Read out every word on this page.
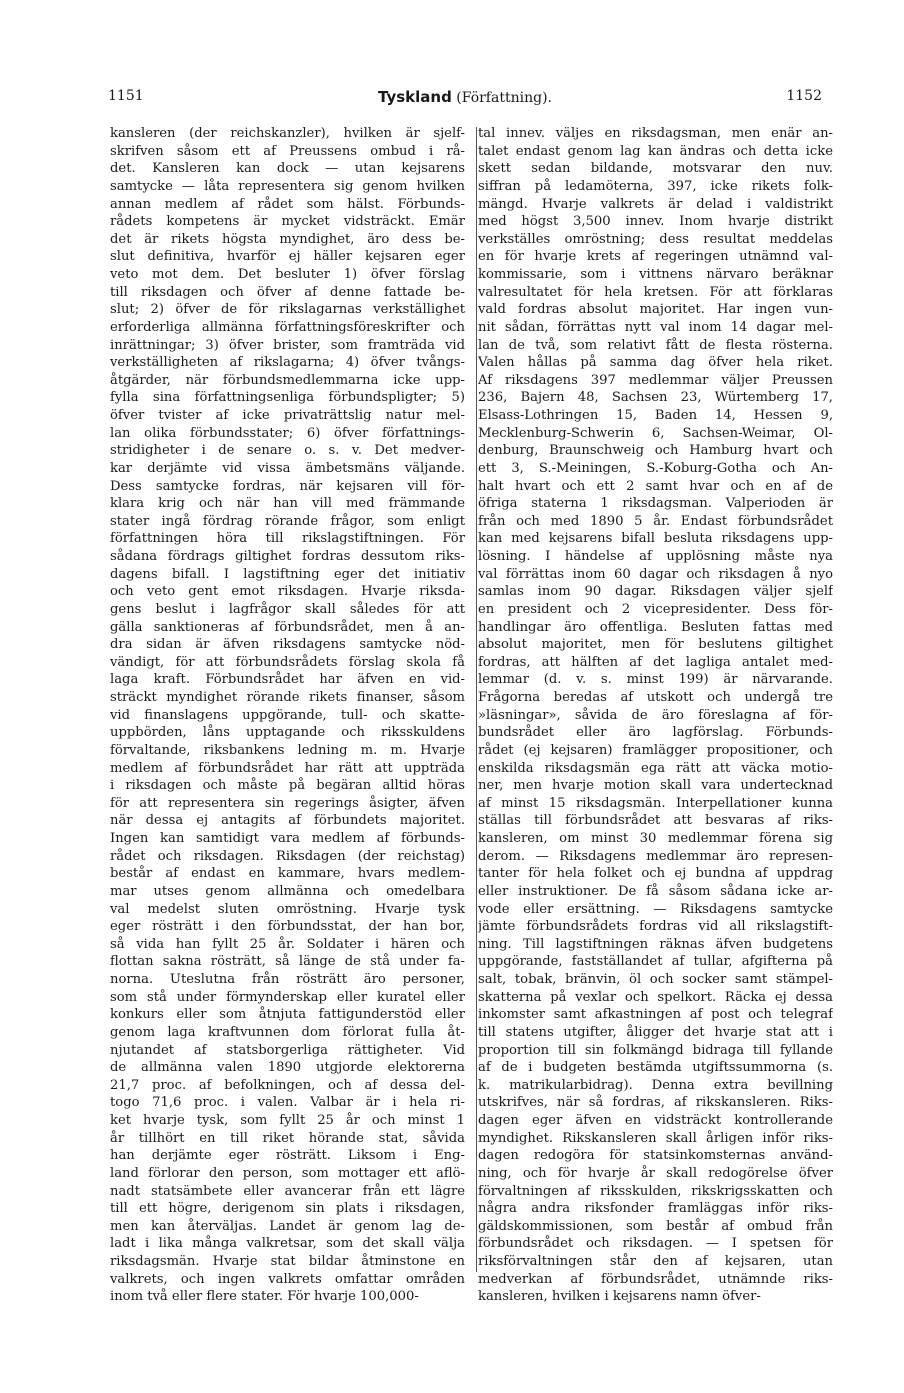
1151	Tyskland (Författning).	1152
kansleren (der reichskanzler), hvilken är sjelf-
skrifven såsom ett af Preussens ombud i rå-
det. Kansleren kan dock — utan kejsarens
samtycke — låta representera sig genom hvilken
annan medlem af rådet som hälst. Förbunds-
rådets kompetens är mycket vidsträckt. Emär
det är rikets högsta myndighet, äro dess be-
slut definitiva, hvarför ej häller kejsaren eger
veto mot dem. Det besluter 1) öfver förslag
till riksdagen och öfver af denne fattade be-
slut; 2) öfver de för rikslagarnas verkställighet
erforderliga allmänna författningsföreskrifter och
inrättningar; 3) öfver brister, som framträda vid
verkställigheten af rikslagarna; 4) öfver tvångs-
åtgärder, när förbundsmedlemmarna icke upp-
fylla sina författningsenliga förbundspligter; 5)
öfver tvister af icke privaträttslig natur mel-
lan olika förbundsstater; 6) öfver författnings-
stridigheter i de senare o. s. v. Det medver-
kar derjämte vid vissa ämbetsmäns väljande.
Dess samtycke fordras, när kejsaren vill för-
klara krig och när han vill med främmande
stater ingå fördrag rörande frågor, som enligt
författningen höra till rikslagstiftningen. För
sådana fördrags giltighet fordras dessutom riks-
dagens bifall. I lagstiftning eger det initiativ
och veto gent emot riksdagen. Hvarje riksda-
gens beslut i lagfrågor skall således för att
gälla sanktioneras af förbundsrådet, men å an-
dra sidan är äfven riksdagens samtycke nöd-
vändigt, för att förbundsrådets förslag skola få
laga kraft. Förbundsrådet har äfven en vid-
sträckt myndighet rörande rikets finanser, såsom
vid finanslagens uppgörande, tull- och skatte-
uppbörden, låns upptagande och riksskuldens
förvaltande, riksbankens ledning m. m. Hvarje
medlem af förbundsrådet har rätt att uppträda
i riksdagen och måste på begäran alltid höras
för att representera sin regerings åsigter, äfven
när dessa ej antagits af förbundets majoritet.
Ingen kan samtidigt vara medlem af förbunds-
rådet och riksdagen. Riksdagen (der reichstag)
består af endast en kammare, hvars medlem-
mar utses genom allmänna och omedelbara
val medelst sluten omröstning. Hvarje tysk
eger rösträtt i den förbundsstat, der han bor,
så vida han fyllt 25 år. Soldater i hären och
flottan sakna rösträtt, så länge de stå under fa-
norna. Uteslutna från rösträtt äro personer,
som stå under förmynderskap eller kuratel eller
konkurs eller som åtnjuta fattigunderstöd eller
genom laga kraftvunnen dom förlorat fulla åt-
njutandet af statsborgerliga rättigheter. Vid
de allmänna valen 1890 utgjorde elektorerna
21,7 proc. af befolkningen, och af dessa del-
togo 71,6 proc. i valen. Valbar är i hela ri-
ket hvarje tysk, som fyllt 25 år och minst 1
år tillhört en till riket hörande stat, såvida
han derjämte eger rösträtt. Liksom i Eng-
land förlorar den person, som mottager ett aflö-
nadt statsämbete eller avancerar från ett lägre
till ett högre, derigenom sin plats i riksdagen,
men kan återväljas. Landet är genom lag de-
ladt i lika många valkretsar, som det skall välja
riksdagsmän. Hvarje stat bildar åtminstone en
valkrets, och ingen valkrets omfattar områden
inom två eller flere stater. För hvarje 100,000-
tal innev. väljes en riksdagsman, men enär an-
talet endast genom lag kan ändras och detta icke
skett sedan bildande, motsvarar den nuv.
siffran på ledamöterna, 397, icke rikets folk-
mängd. Hvarje valkrets är delad i valdistrikt
med högst 3,500 innev. Inom hvarje distrikt
verkställes omröstning; dess resultat meddelas
en för hvarje krets af regeringen utnämnd val-
kommissarie, som i vittnens närvaro beräknar
valresultatet för hela kretsen. För att förklaras
vald fordras absolut majoritet. Har ingen vun-
nit sådan, förrättas nytt val inom 14 dagar mel-
lan de två, som relativt fått de flesta rösterna.
Valen hållas på samma dag öfver hela riket.
Af riksdagens 397 medlemmar väljer Preussen
236, Bajern 48, Sachsen 23, Würtemberg 17,
Elsass-Lothringen 15, Baden 14, Hessen 9,
Mecklenburg-Schwerin 6, Sachsen-Weimar, Ol-
denburg, Braunschweig och Hamburg hvart och
ett 3, S.-Meiningen, S.-Koburg-Gotha och An-
halt hvart och ett 2 samt hvar och en af de
öfriga staterna 1 riksdagsman. Valperioden är
från och med 1890 5 år. Endast förbundsrådet
kan med kejsarens bifall besluta riksdagens upp-
lösning. I händelse af upplösning måste nya
val förrättas inom 60 dagar och riksdagen å nyo
samlas inom 90 dagar. Riksdagen väljer sjelf
en president och 2 vicepresidenter. Dess för-
handlingar äro offentliga. Besluten fattas med
absolut majoritet, men för beslutens giltighet
fordras, att hälften af det lagliga antalet med-
lemmar (d. v. s. minst 199) är närvarande.
Frågorna beredas af utskott och undergå tre
»läsningar», såvida de äro föreslagna af för-
bundsrådet eller äro lagförslag. Förbunds-
rådet (ej kejsaren) framlägger propositioner, och
enskilda riksdagsmän ega rätt att väcka motio-
ner, men hvarje motion skall vara undertecknad
af minst 15 riksdagsmän. Interpellationer kunna
ställas till förbundsrådet att besvaras af riks-
kansleren, om minst 30 medlemmar förena sig
derom. — Riksdagens medlemmar äro represen-
tanter för hela folket och ej bundna af uppdrag
eller instruktioner. De få såsom sådana icke ar-
vode eller ersättning. — Riksdagens samtycke
jämte förbundsrådets fordras vid all rikslagstift-
ning. Till lagstiftningen räknas äfven budgetens
uppgörande, fastställandet af tullar, afgifterna på
salt, tobak, bränvin, öl och socker samt stämpel-
skatterna på vexlar och spelkort. Räcka ej dessa
inkomster samt afkastningen af post och telegraf
till statens utgifter, åligger det hvarje stat att i
proportion till sin folkmängd bidraga till fyllande
af de i budgeten bestämda utgiftssummorna (s.
k. matrikularbidrag). Denna extra bevillning
utskrifves, när så fordras, af rikskansleren. Riks-
dagen eger äfven en vidsträckt kontrollerande
myndighet. Rikskansleren skall årligen inför riks-
dagen redogöra för statsinkomsternas använd-
ning, och för hvarje år skall redogörelse öfver
förvaltningen af riksskulden, rikskrigsskatten och
några andra riksfonder framläggas inför riks-
gäldskommissionen, som består af ombud från
förbundsrådet och riksdagen. — I spetsen för
riksförvaltningen står den af kejsaren, utan
medverkan af förbundsrådet, utnämnde riks-
kansleren, hvilken i kejsarens namn öfver-
